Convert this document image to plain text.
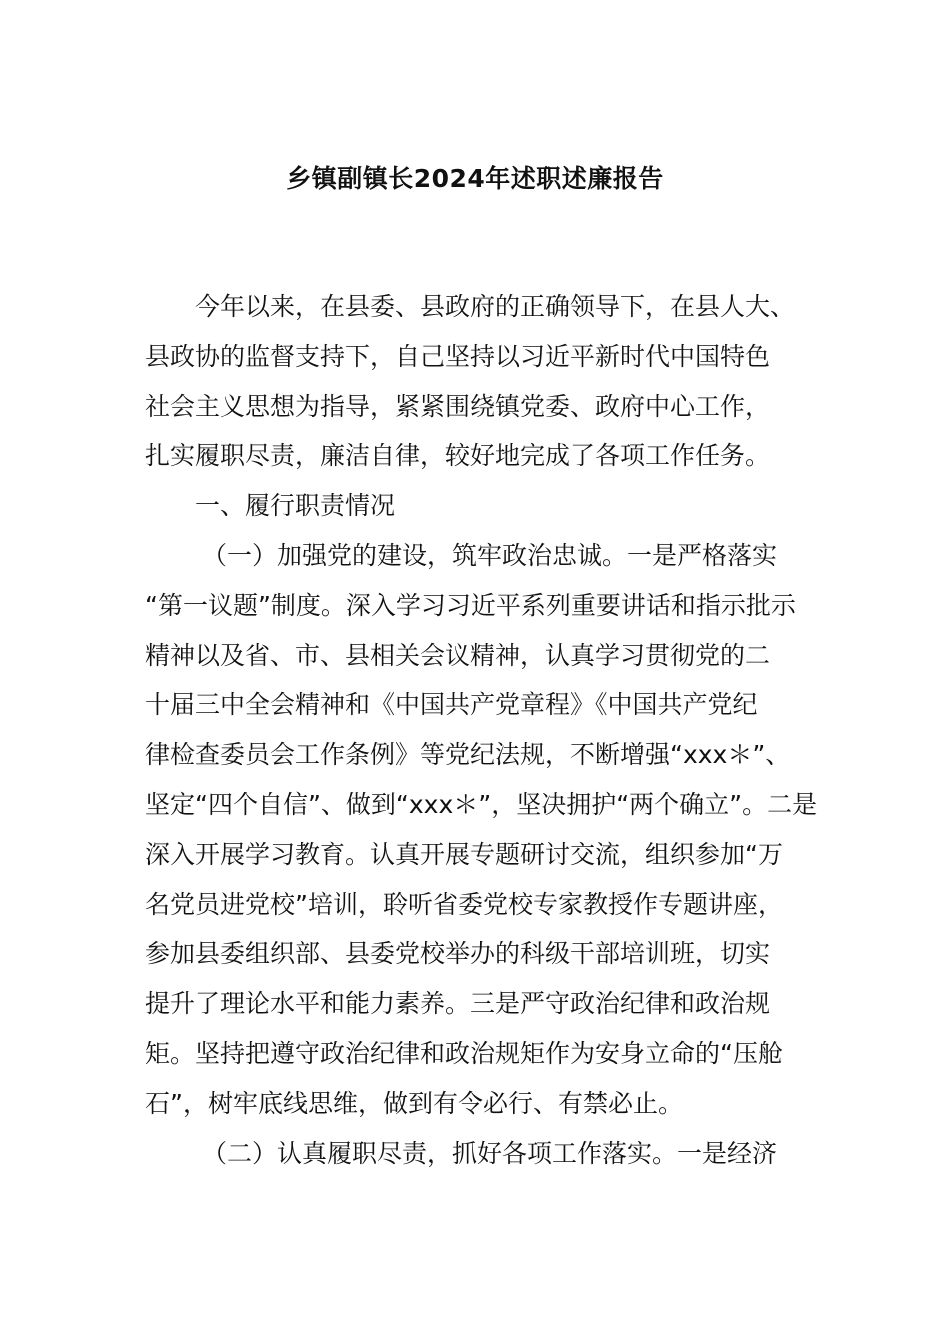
乡镇副镇长2024年述职述廉报告
今年以来，在县委、县政府的正确领导下，在县人大、
县政协的监督支持下，自己坚持以习近平新时代中国特色
社会主义思想为指导，紧紧围绕镇党委、政府中心工作，
扎实履职尽责，廉洁自律，较好地完成了各项工作任务。
一、履行职责情况
（一）加强党的建设，筑牢政治忠诚。一是严格落实
“第一议题”制度。深入学习习近平系列重要讲话和指示批示
精神以及省、市、县相关会议精神，认真学习贯彻党的二
十届三中全会精神和《中国共产党章程》《中国共产党纪
律检查委员会工作条例》等党纪法规，不断增强“xxx＊”、
坚定“四个自信”、做到“xxx＊”，坚决拥护“两个确立”。二是
深入开展学习教育。认真开展专题研讨交流，组织参加“万
名党员进党校”培训，聆听省委党校专家教授作专题讲座，
参加县委组织部、县委党校举办的科级干部培训班，切实
提升了理论水平和能力素养。三是严守政治纪律和政治规
矩。坚持把遵守政治纪律和政治规矩作为安身立命的“压舱
石”，树牢底线思维，做到有令必行、有禁必止。
（二）认真履职尽责，抓好各项工作落实。一是经济
